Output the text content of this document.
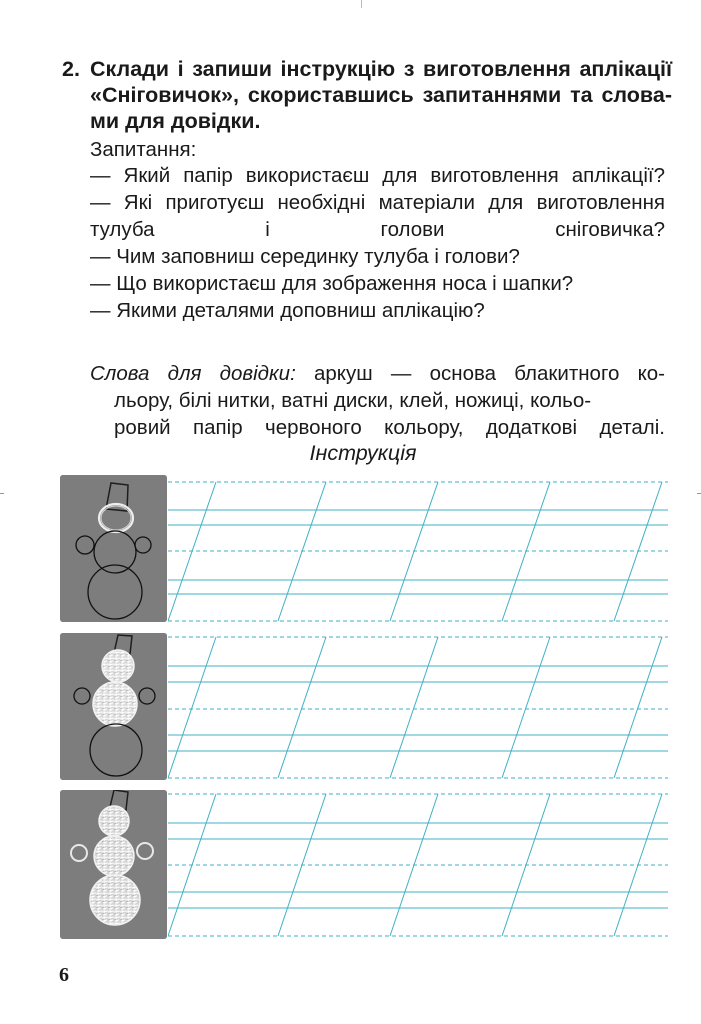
2. Склади і запиши інструкцію з виготовлення аплікації «Сніговичок», скориставшись запитаннями та словами для довідки.
Запитання:

— Який папір використаєш для виготовлення аплікації?

— Які приготуєш необхідні матеріали для виготовлення тулуба і голови сніговичка?

— Чим заповниш серединку тулуба і голови?

— Що використаєш для зображення носа і шапки?

— Якими деталями доповниш аплікацію?

Слова для довідки: аркуш — основа блакитного ко-

льору, білі нитки, ватні диски, клей, ножиці, кольо-

ровий папір червоного кольору, додаткові деталі.

Інструкція
6
